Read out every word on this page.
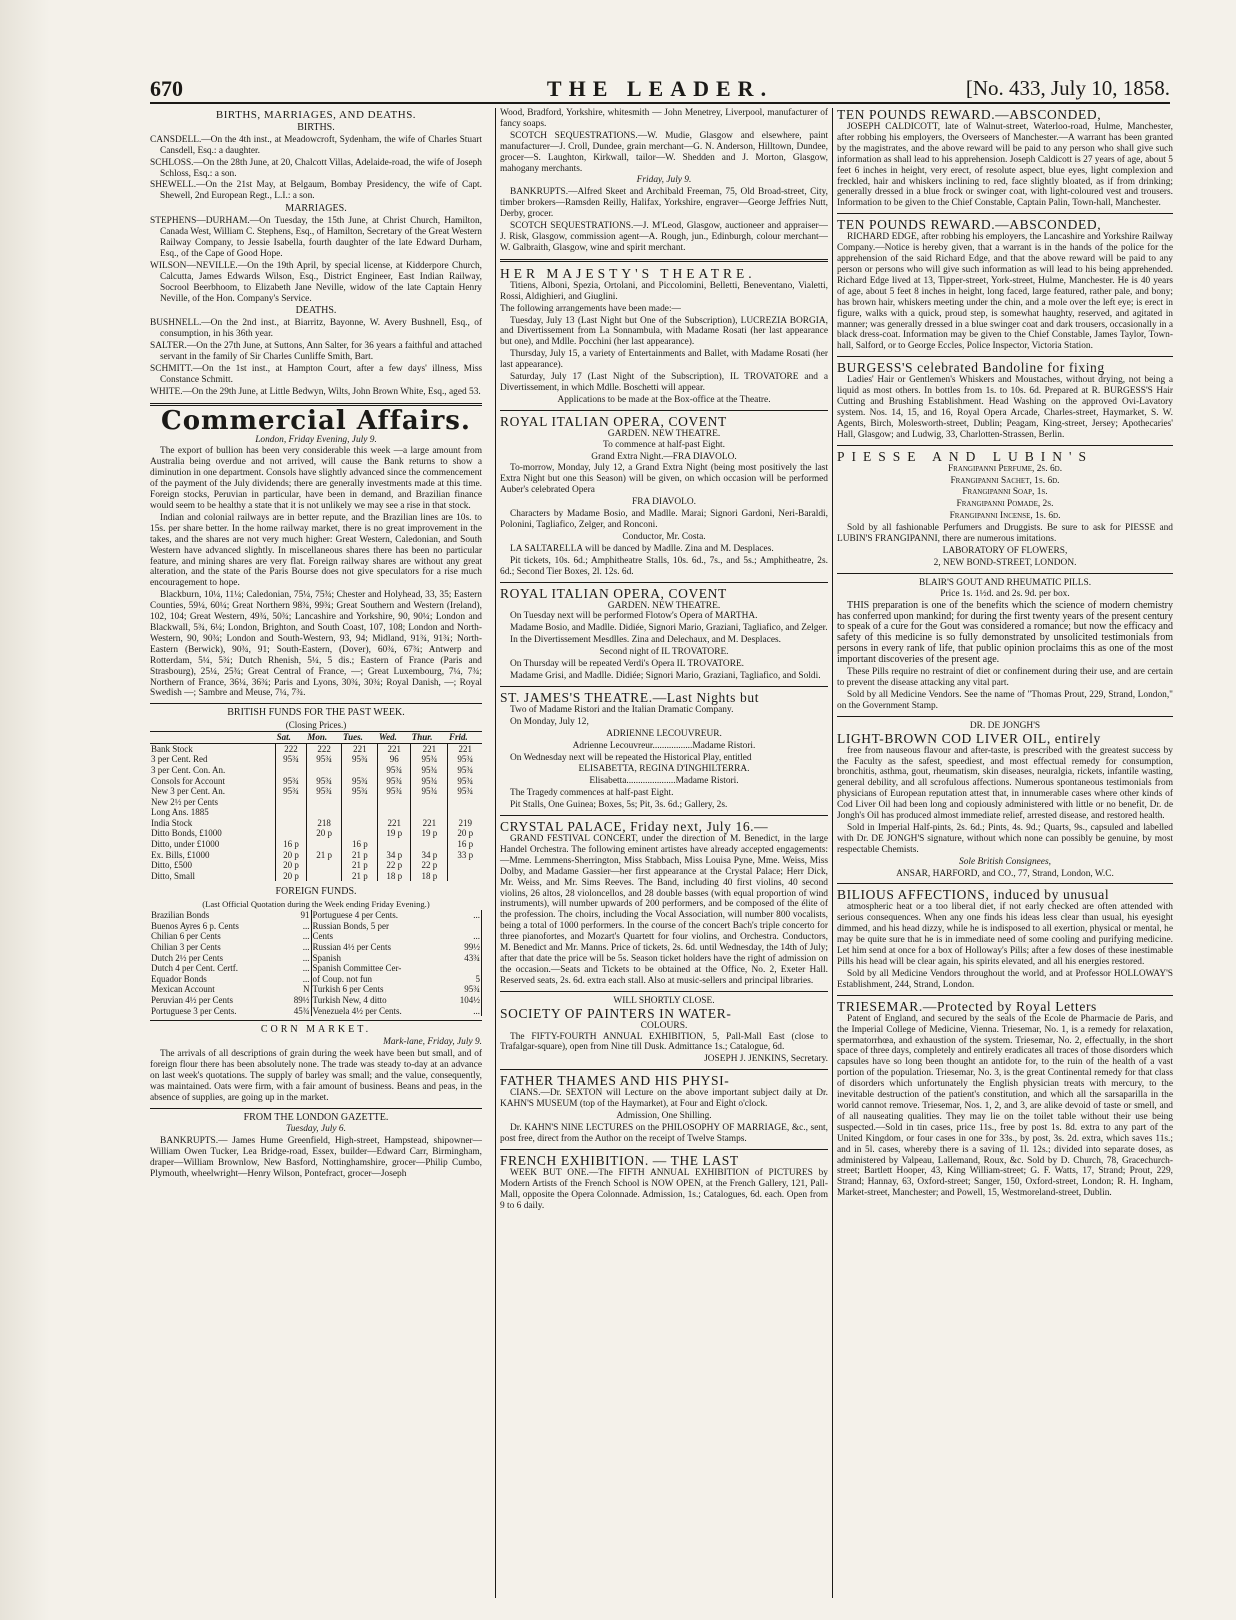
670	THE LEADER.	[No. 433, July 10, 1858.
BIRTHS, MARRIAGES, AND DEATHS.
BIRTHS.

CANSDELL.—On the 4th inst., at Meadowcroft, Sydenham, the wife of Charles Stuart Cansdell, Esq.: a daughter.

SCHLOSS.—On the 28th June, at 20, Chalcott Villas, Adelaide-road, the wife of Joseph Schloss, Esq.: a son.

SHEWELL.—On the 21st May, at Belgaum, Bombay Presidency, the wife of Capt. Shewell, 2nd European Regt., L.I.: a son.

MARRIAGES.

STEPHENS—DURHAM.—On Tuesday, the 15th June, at Christ Church, Hamilton, Canada West, William C. Stephens, Esq., of Hamilton, Secretary of the Great Western Railway Company, to Jessie Isabella, fourth daughter of the late Edward Durham, Esq., of the Cape of Good Hope.

WILSON—NEVILLE.—On the 19th April, by special license, at Kidderpore Church, Calcutta, James Edwards Wilson, Esq., District Engineer, East Indian Railway, Socrool Beerbhoom, to Elizabeth Jane Neville, widow of the late Captain Henry Neville, of the Hon. Company's Service.

DEATHS.

BUSHNELL.—On the 2nd inst., at Biarritz, Bayonne, W. Avery Bushnell, Esq., of consumption, in his 36th year.

SALTER.—On the 27th June, at Suttons, Ann Salter, for 36 years a faithful and attached servant in the family of Sir Charles Cunliffe Smith, Bart.

SCHMITT.—On the 1st inst., at Hampton Court, after a few days' illness, Miss Constance Schmitt.

WHITE.—On the 29th June, at Little Bedwyn, Wilts, John Brown White, Esq., aged 53.

Commercial Affairs.

London, Friday Evening, July 9.

The export of bullion has been very considerable this week —a large amount from Australia being overdue and not arrived, will cause the Bank returns to show a diminution in one department. Consols have slightly advanced since the commencement of the payment of the July dividends; there are generally investments made at this time. Foreign stocks, Peruvian in particular, have been in demand, and Brazilian finance would seem to be healthy a state that it is not unlikely we may see a rise in that stock.

Indian and colonial railways are in better repute, and the Brazilian lines are 10s. to 15s. per share better. In the home railway market, there is no great improvement in the takes, and the shares are not very much higher: Great Western, Caledonian, and South Western have advanced slightly. In miscellaneous shares there has been no particular feature, and mining shares are very flat. Foreign railway shares are without any great alteration, and the state of the Paris Bourse does not give speculators for a rise much encouragement to hope.

Blackburn, 10¼, 11¼; Caledonian, 75¼, 75¾; Chester and Holyhead, 33, 35; Eastern Counties, 59¼, 60¼; Great Northern 98¾, 99¾; Great Southern and Western (Ireland), 102, 104; Great Western, 49¾, 50¾; Lancashire and Yorkshire, 90, 90¼; London and Blackwall, 5¾, 6¼; London, Brighton, and South Coast, 107, 108; London and North-Western, 90, 90¾; London and South-Western, 93, 94; Midland, 91¾, 91¾; North-Eastern (Berwick), 90¾, 91; South-Eastern, (Dover), 60¾, 67¾; Antwerp and Rotterdam, 5¼, 5¾; Dutch Rhenish, 5¼, 5 dis.; Eastern of France (Paris and Strasbourg), 25¼, 25¾; Great Central of France, —; Great Luxembourg, 7¼, 7¾; Northern of France, 36¼, 36¾; Paris and Lyons, 30¾, 30¾; Royal Danish, —; Royal Swedish —; Sambre and Meuse, 7¼, 7¾.

BRITISH FUNDS FOR THE PAST WEEK.
(Closing Prices.)
	Sat.	Mon.	Tues.	Wed.	Thur.	Frid.
Bank Stock	222	222	221	221	221	221
3 per Cent. Red	95¾	95¾	95¾	96	95¾	95¾
3 per Cent. Con. An.				95¾	95¾	95¾
Consols for Account	95¾	95¾	95¾	95¾	95¾	95¾
New 3 per Cent. An.	95¾	95¾	95¾	95¾	95¾	95¾
New 2½ per Cents						
Long Ans. 1885						
India Stock		218		221	221	219
Ditto Bonds, £1000		20 p		19 p	19 p	20 p
Ditto, under £1000	16 p		16 p			16 p
Ex. Bills, £1000	20 p	21 p	21 p	34 p	34 p	33 p
Ditto, £500	20 p		21 p	22 p	22 p	
Ditto, Small	20 p		21 p	18 p	18 p	
FOREIGN FUNDS.
(Last Official Quotation during the Week ending Friday Evening.)
Brazilian Bonds	91	Portuguese 4 per Cents.	...
Buenos Ayres 6 p. Cents	...	Russian Bonds, 5 per	
Chilian 6 per Cents	...	Cents	...
Chilian 3 per Cents	...	Russian 4½ per Cents	99½
Dutch 2½ per Cents	...	Spanish	43¾
Dutch 4 per Cent. Certf.	...	Spanish Committee Cer-	
Equador Bonds	...	of Coup. not fun	5
Mexican Account	N	Turkish 6 per Cents	95¾
Peruvian 4½ per Cents	89½	Turkish New, 4 ditto	104½
Portuguese 3 per Cents.	45¾	Venezuela 4½ per Cents.	...
CORN MARKET.

Mark-lane, Friday, July 9.

The arrivals of all descriptions of grain during the week have been but small, and of foreign flour there has been absolutely none. The trade was steady to-day at an advance on last week's quotations. The supply of barley was small; and the value, consequently, was maintained. Oats were firm, with a fair amount of business. Beans and peas, in the absence of supplies, are going up in the market.

FROM THE LONDON GAZETTE.

Tuesday, July 6.

BANKRUPTS.— James Hume Greenfield, High-street, Hampstead, shipowner—William Owen Tucker, Lea Bridge-road, Essex, builder—Edward Carr, Birmingham, draper—William Brownlow, New Basford, Nottinghamshire, grocer—Philip Cumbo, Plymouth, wheelwright—Henry Wilson, Pontefract, grocer—Joseph

Wood, Bradford, Yorkshire, whitesmith — John Menetrey, Liverpool, manufacturer of fancy soaps.

SCOTCH SEQUESTRATIONS.—W. Mudie, Glasgow and elsewhere, paint manufacturer—J. Croll, Dundee, grain merchant—G. N. Anderson, Hilltown, Dundee, grocer—S. Laughton, Kirkwall, tailor—W. Shedden and J. Morton, Glasgow, mahogany merchants.

Friday, July 9.

BANKRUPTS.—Alfred Skeet and Archibald Freeman, 75, Old Broad-street, City, timber brokers—Ramsden Reilly, Halifax, Yorkshire, engraver—George Jeffries Nutt, Derby, grocer.

SCOTCH SEQUESTRATIONS.—J. M'Leod, Glasgow, auctioneer and appraiser—J. Risk, Glasgow, commission agent—A. Rough, jun., Edinburgh, colour merchant—W. Galbraith, Glasgow, wine and spirit merchant.

HER MAJESTY'S THEATRE.

Titiens, Alboni, Spezia, Ortolani, and Piccolomini, Belletti, Beneventano, Vialetti, Rossi, Aldighieri, and Giuglini.

The following arrangements have been made:—

Tuesday, July 13 (Last Night but One of the Subscription), LUCREZIA BORGIA, and Divertissement from La Sonnambula, with Madame Rosati (her last appearance but one), and Mdlle. Pocchini (her last appearance).

Thursday, July 15, a variety of Entertainments and Ballet, with Madame Rosati (her last appearance).

Saturday, July 17 (Last Night of the Subscription), IL TROVATORE and a Divertissement, in which Mdlle. Boschetti will appear.

Applications to be made at the Box-office at the Theatre.

ROYAL ITALIAN OPERA, COVENT
GARDEN. NEW THEATRE.

To commence at half-past Eight.

Grand Extra Night.—FRA DIAVOLO.

To-morrow, Monday, July 12, a Grand Extra Night (being most positively the last Extra Night but one this Season) will be given, on which occasion will be performed Auber's celebrated Opera

FRA DIAVOLO.

Characters by Madame Bosio, and Madlle. Marai; Signori Gardoni, Neri-Baraldi, Polonini, Tagliafico, Zelger, and Ronconi.

Conductor, Mr. Costa.

LA SALTARELLA will be danced by Madlle. Zina and M. Desplaces.

Pit tickets, 10s. 6d.; Amphitheatre Stalls, 10s. 6d., 7s., and 5s.; Amphitheatre, 2s. 6d.; Second Tier Boxes, 2l. 12s. 6d.

ROYAL ITALIAN OPERA, COVENT
GARDEN. NEW THEATRE.

On Tuesday next will be performed Flotow's Opera of MARTHA.

Madame Bosio, and Madlle. Didiée, Signori Mario, Graziani, Tagliafico, and Zelger.

In the Divertissement Mesdlles. Zina and Delechaux, and M. Desplaces.

Second night of IL TROVATORE.

On Thursday will be repeated Verdi's Opera IL TROVATORE.

Madame Grisi, and Madlle. Didiée; Signori Mario, Graziani, Tagliafico, and Soldi.

ST. JAMES'S THEATRE.—Last Nights but

Two of Madame Ristori and the Italian Dramatic Company.

On Monday, July 12,

ADRIENNE LECOUVREUR.

Adrienne Lecouvreur.................Madame Ristori.

On Wednesday next will be repeated the Historical Play, entitled

ELISABETTA, REGINA D'INGHILTERRA.

Elisabetta.....................Madame Ristori.

The Tragedy commences at half-past Eight.

Pit Stalls, One Guinea; Boxes, 5s; Pit, 3s. 6d.; Gallery, 2s.

CRYSTAL PALACE, Friday next, July 16.—

GRAND FESTIVAL CONCERT, under the direction of M. Benedict, in the large Handel Orchestra. The following eminent artistes have already accepted engagements: —Mme. Lemmens-Sherrington, Miss Stabbach, Miss Louisa Pyne, Mme. Weiss, Miss Dolby, and Madame Gassier—her first appearance at the Crystal Palace; Herr Dick, Mr. Weiss, and Mr. Sims Reeves. The Band, including 40 first violins, 40 second violins, 26 altos, 28 violoncellos, and 28 double basses (with equal proportion of wind instruments), will number upwards of 200 performers, and be composed of the élite of the profession. The choirs, including the Vocal Association, will number 800 vocalists, being a total of 1000 performers. In the course of the concert Bach's triple concerto for three pianofortes, and Mozart's Quartett for four violins, and Orchestra. Conductors, M. Benedict and Mr. Manns. Price of tickets, 2s. 6d. until Wednesday, the 14th of July; after that date the price will be 5s. Season ticket holders have the right of admission on the occasion.—Seats and Tickets to be obtained at the Office, No. 2, Exeter Hall. Reserved seats, 2s. 6d. extra each stall. Also at music-sellers and principal libraries.

WILL SHORTLY CLOSE.
SOCIETY OF PAINTERS IN WATER-
COLOURS.

The FIFTY-FOURTH ANNUAL EXHIBITION, 5, Pall-Mall East (close to Trafalgar-square), open from Nine till Dusk. Admittance 1s.; Catalogue, 6d.

JOSEPH J. JENKINS, Secretary.

FATHER THAMES AND HIS PHYSI-

CIANS.—Dr. SEXTON will Lecture on the above important subject daily at Dr. KAHN'S MUSEUM (top of the Haymarket), at Four and Eight o'clock.

Admission, One Shilling.

Dr. KAHN'S NINE LECTURES on the PHILOSOPHY OF MARRIAGE, &c., sent, post free, direct from the Author on the receipt of Twelve Stamps.

FRENCH EXHIBITION. — THE LAST

WEEK BUT ONE.—The FIFTH ANNUAL EXHIBITION of PICTURES by Modern Artists of the French School is NOW OPEN, at the French Gallery, 121, Pall-Mall, opposite the Opera Colonnade. Admission, 1s.; Catalogues, 6d. each. Open from 9 to 6 daily.

TEN POUNDS REWARD.—ABSCONDED,

JOSEPH CALDICOTT, late of Walnut-street, Waterloo-road, Hulme, Manchester, after robbing his employers, the Overseers of Manchester.—A warrant has been granted by the magistrates, and the above reward will be paid to any person who shall give such information as shall lead to his apprehension. Joseph Caldicott is 27 years of age, about 5 feet 6 inches in height, very erect, of resolute aspect, blue eyes, light complexion and freckled, hair and whiskers inclining to red, face slightly bloated, as if from drinking; generally dressed in a blue frock or swinger coat, with light-coloured vest and trousers. Information to be given to the Chief Constable, Captain Palin, Town-hall, Manchester.

TEN POUNDS REWARD.—ABSCONDED,

RICHARD EDGE, after robbing his employers, the Lancashire and Yorkshire Railway Company.—Notice is hereby given, that a warrant is in the hands of the police for the apprehension of the said Richard Edge, and that the above reward will be paid to any person or persons who will give such information as will lead to his being apprehended. Richard Edge lived at 13, Tipper-street, York-street, Hulme, Manchester. He is 40 years of age, about 5 feet 8 inches in height, long faced, large featured, rather pale, and bony; has brown hair, whiskers meeting under the chin, and a mole over the left eye; is erect in figure, walks with a quick, proud step, is somewhat haughty, reserved, and agitated in manner; was generally dressed in a blue swinger coat and dark trousers, occasionally in a black dress-coat. Information may be given to the Chief Constable, James Taylor, Town-hall, Salford, or to George Eccles, Police Inspector, Victoria Station.

BURGESS'S celebrated Bandoline for fixing

Ladies' Hair or Gentlemen's Whiskers and Moustaches, without drying, not being a liquid as most others. In bottles from 1s. to 10s. 6d. Prepared at R. BURGESS'S Hair Cutting and Brushing Establishment. Head Washing on the approved Ovi-Lavatory system. Nos. 14, 15, and 16, Royal Opera Arcade, Charles-street, Haymarket, S. W. Agents, Birch, Molesworth-street, Dublin; Peagam, King-street, Jersey; Apothecaries' Hall, Glasgow; and Ludwig, 33, Charlotten-Strassen, Berlin.

PIESSE AND LUBIN'S

Frangipanni Perfume, 2s. 6d.

Frangipanni Sachet, 1s. 6d.

Frangipanni Soap, 1s.

Frangipanni Pomade, 2s.

Frangipanni Incense, 1s. 6d.

Sold by all fashionable Perfumers and Druggists. Be sure to ask for PIESSE and LUBIN'S FRANGIPANNI, there are numerous imitations.

LABORATORY OF FLOWERS,

2, NEW BOND-STREET, LONDON.

BLAIR'S GOUT AND RHEUMATIC PILLS.

Price 1s. 1½d. and 2s. 9d. per box.

THIS preparation is one of the benefits which the science of modern chemistry has conferred upon mankind; for during the first twenty years of the present century to speak of a cure for the Gout was considered a romance; but now the efficacy and safety of this medicine is so fully demonstrated by unsolicited testimonials from persons in every rank of life, that public opinion proclaims this as one of the most important discoveries of the present age.

These Pills require no restraint of diet or confinement during their use, and are certain to prevent the disease attacking any vital part.

Sold by all Medicine Vendors. See the name of "Thomas Prout, 229, Strand, London," on the Government Stamp.

DR. DE JONGH'S
LIGHT-BROWN COD LIVER OIL, entirely

free from nauseous flavour and after-taste, is prescribed with the greatest success by the Faculty as the safest, speediest, and most effectual remedy for consumption, bronchitis, asthma, gout, rheumatism, skin diseases, neuralgia, rickets, infantile wasting, general debility, and all scrofulous affections. Numerous spontaneous testimonials from physicians of European reputation attest that, in innumerable cases where other kinds of Cod Liver Oil had been long and copiously administered with little or no benefit, Dr. de Jongh's Oil has produced almost immediate relief, arrested disease, and restored health.

Sold in Imperial Half-pints, 2s. 6d.; Pints, 4s. 9d.; Quarts, 9s., capsuled and labelled with Dr. DE JONGH'S signature, without which none can possibly be genuine, by most respectable Chemists.

Sole British Consignees,

ANSAR, HARFORD, and CO., 77, Strand, London, W.C.

BILIOUS AFFECTIONS, induced by unusual

atmospheric heat or a too liberal diet, if not early checked are often attended with serious consequences. When any one finds his ideas less clear than usual, his eyesight dimmed, and his head dizzy, while he is indisposed to all exertion, physical or mental, he may be quite sure that he is in immediate need of some cooling and purifying medicine. Let him send at once for a box of Holloway's Pills; after a few doses of these inestimable Pills his head will be clear again, his spirits elevated, and all his energies restored.

Sold by all Medicine Vendors throughout the world, and at Professor HOLLOWAY'S Establishment, 244, Strand, London.

TRIESEMAR.—Protected by Royal Letters

Patent of England, and secured by the seals of the Ecole de Pharmacie de Paris, and the Imperial College of Medicine, Vienna. Triesemar, No. 1, is a remedy for relaxation, spermatorrhœa, and exhaustion of the system. Triesemar, No. 2, effectually, in the short space of three days, completely and entirely eradicates all traces of those disorders which capsules have so long been thought an antidote for, to the ruin of the health of a vast portion of the population. Triesemar, No. 3, is the great Continental remedy for that class of disorders which unfortunately the English physician treats with mercury, to the inevitable destruction of the patient's constitution, and which all the sarsaparilla in the world cannot remove. Triesemar, Nos. 1, 2, and 3, are alike devoid of taste or smell, and of all nauseating qualities. They may lie on the toilet table without their use being suspected.—Sold in tin cases, price 11s., free by post 1s. 8d. extra to any part of the United Kingdom, or four cases in one for 33s., by post, 3s. 2d. extra, which saves 11s.; and in 5l. cases, whereby there is a saving of 1l. 12s.; divided into separate doses, as administered by Valpeau, Lallemand, Roux, &c. Sold by D. Church, 78, Gracechurch-street; Bartlett Hooper, 43, King William-street; G. F. Watts, 17, Strand; Prout, 229, Strand; Hannay, 63, Oxford-street; Sanger, 150, Oxford-street, London; R. H. Ingham, Market-street, Manchester; and Powell, 15, Westmoreland-street, Dublin.
